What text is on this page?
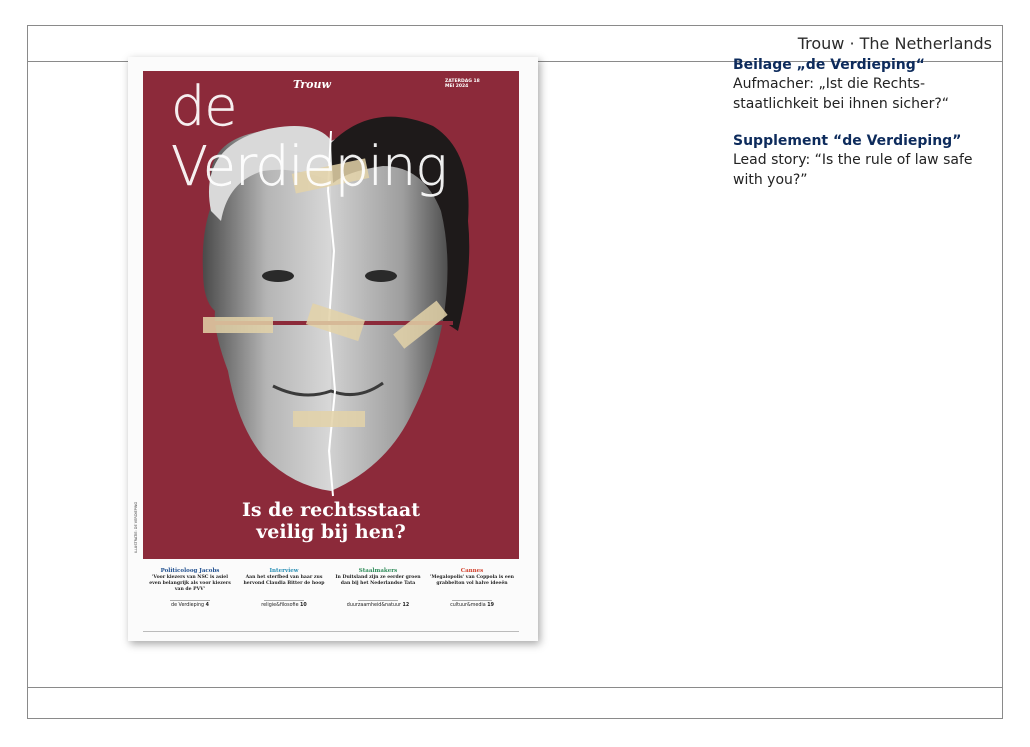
Trouw · The Netherlands
Trouw
de Verdieping
ZATERDAG 18 MEI 2024
Is de rechtsstaat
veilig bij hen?
ILLUSTRATIE: DE VERDIEPING
Politicoloog Jacobs
'Voor kiezers van NSC is asiel even belangrijk als voor kiezers van de PVV'
de Verdieping 4
Interview
Aan het sterfbed van haar zus hervond Claudia Bitter de hoop
religie&filosofie 10
Staalmakers
In Duitsland zijn ze eerder groen dan bij het Nederlandse Tata
duurzaamheid&natuur 12
Cannes
'Megalopolis' van Coppola is een grabbelton vol halve ideeën
cultuur&media 19
Beilage „de Verdieping“
Aufmacher: „Ist die Rechts-staatlichkeit bei ihnen sicher?“
Supplement “de Verdieping”
Lead story: “Is the rule of law safe with you?”
